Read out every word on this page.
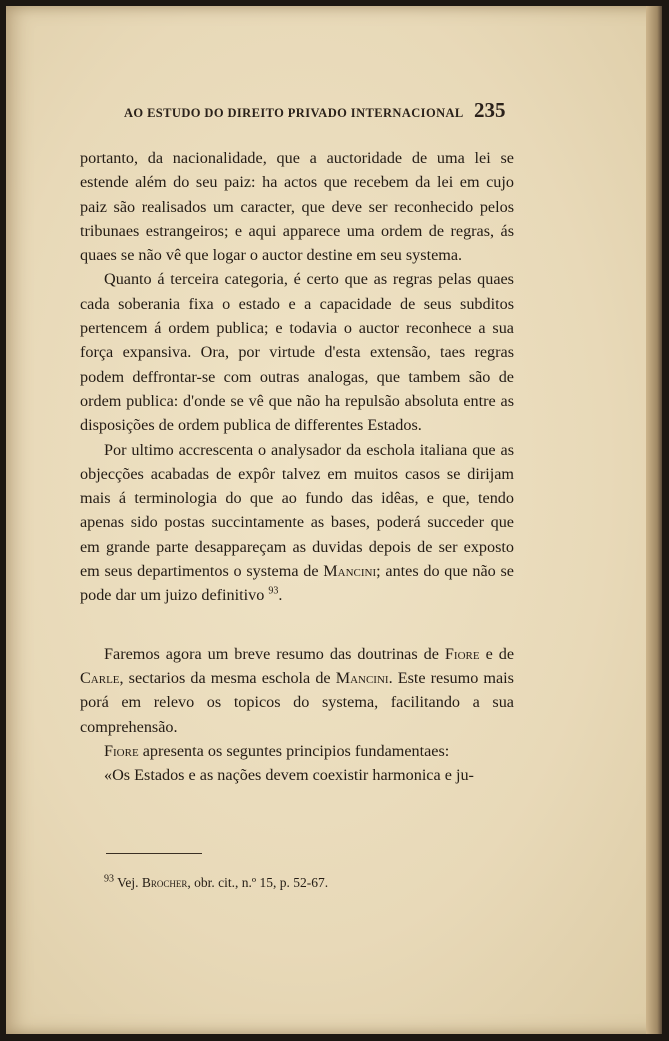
AO ESTUDO DO DIREITO PRIVADO INTERNACIONAL 235

portanto, da nacionalidade, que a auctoridade de uma lei se estende além do seu paiz: ha actos que recebem da lei em cujo paiz são realisados um caracter, que deve ser reconhecido pelos tribunaes estrangeiros; e aqui apparece uma ordem de regras, ás quaes se não vê que logar o auctor destine em seu systema.

Quanto á terceira categoria, é certo que as regras pelas quaes cada soberania fixa o estado e a capacidade de seus subditos pertencem á ordem publica; e todavia o auctor reconhece a sua força expansiva. Ora, por virtude d'esta extensão, taes regras podem deffrontar-se com outras analogas, que tambem são de ordem publica: d'onde se vê que não ha repulsão absoluta entre as disposições de ordem publica de differentes Estados.

Por ultimo accrescenta o analysador da eschola italiana que as objecções acabadas de expôr talvez em muitos casos se dirijam mais á terminologia do que ao fundo das idêas, e que, tendo apenas sido postas succintamente as bases, poderá succeder que em grande parte desappareçam as duvidas depois de ser exposto em seus departimentos o systema de Mancini; antes do que não se pode dar um juizo definitivo $^{93}$.

Faremos agora um breve resumo das doutrinas de Fiore e de Carle, sectarios da mesma eschola de Mancini. Este resumo mais porá em relevo os topicos do systema, facilitando a sua comprehensão.

Fiore apresenta os seguntes principios fundamentaes:

«Os Estados e as nações devem coexistir harmonica e ju-

$^{93}$ Vej. Brocher, obr. cit., n.º 15, p. 52-67.
